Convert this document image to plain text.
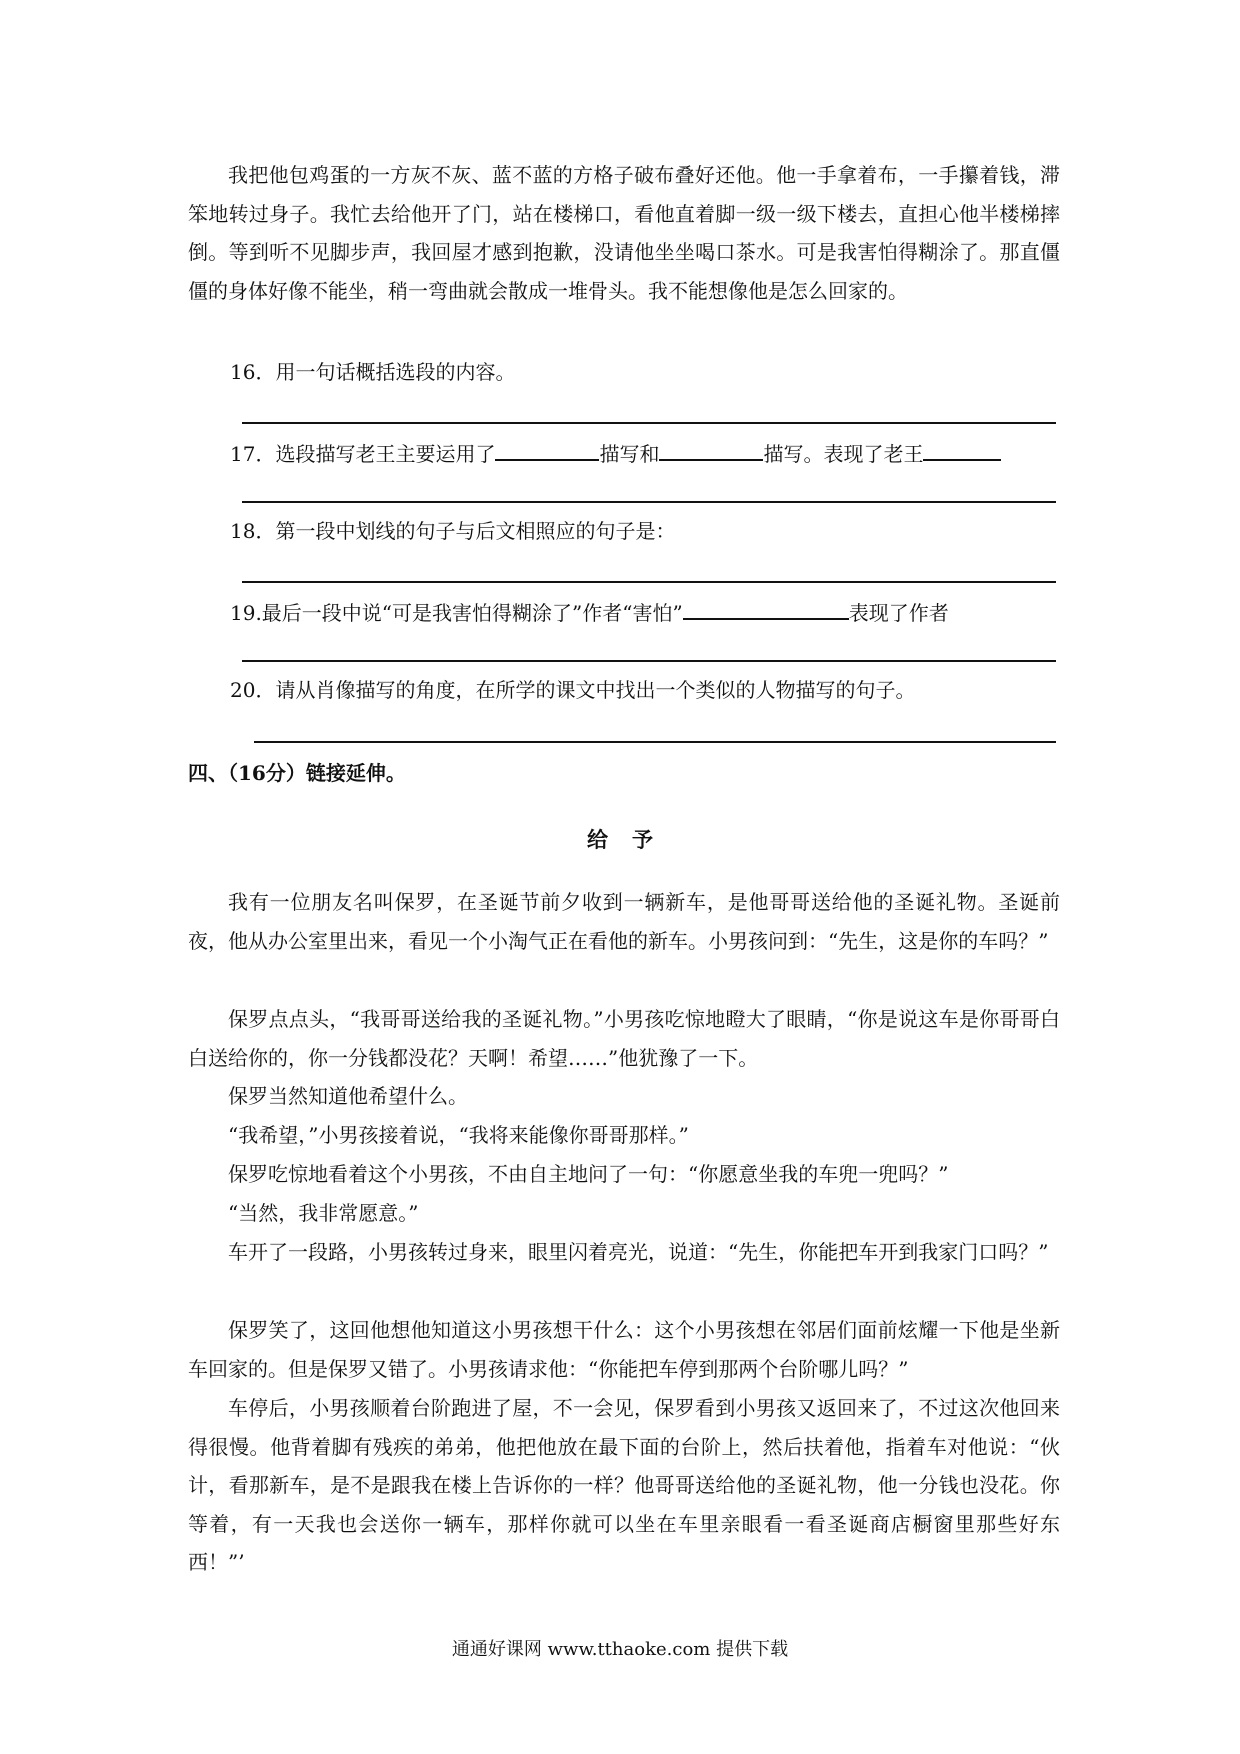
我把他包鸡蛋的一方灰不灰、蓝不蓝的方格子破布叠好还他。他一手拿着布，一手攥着钱，滞笨地转过身子。我忙去给他开了门，站在楼梯口，看他直着脚一级一级下楼去，直担心他半楼梯摔倒。等到听不见脚步声，我回屋才感到抱歉，没请他坐坐喝口茶水。可是我害怕得糊涂了。那直僵僵的身体好像不能坐，稍一弯曲就会散成一堆骨头。我不能想像他是怎么回家的。

16．用一句话概括选段的内容。

17．选段描写老王主要运用了	描写和	描写。表现了老王

18．第一段中划线的句子与后文相照应的句子是：

19.最后一段中说“可是我害怕得糊涂了”作者“害怕”	表现了作者

20．请从肖像描写的角度，在所学的课文中找出一个类似的人物描写的句子。

四、（16分）链接延伸。
给予

我有一位朋友名叫保罗，在圣诞节前夕收到一辆新车，是他哥哥送给他的圣诞礼物。圣诞前夜，他从办公室里出来，看见一个小淘气正在看他的新车。小男孩问到：“先生，这是你的车吗？”

保罗点点头，“我哥哥送给我的圣诞礼物。”小男孩吃惊地瞪大了眼睛，“你是说这车是你哥哥白白送给你的，你一分钱都没花？天啊！希望……”他犹豫了一下。

保罗当然知道他希望什么。

“我希望，”小男孩接着说，“我将来能像你哥哥那样。”

保罗吃惊地看着这个小男孩，不由自主地问了一句：“你愿意坐我的车兜一兜吗？”

“当然，我非常愿意。”

车开了一段路，小男孩转过身来，眼里闪着亮光，说道：“先生，你能把车开到我家门口吗？”

保罗笑了，这回他想他知道这小男孩想干什么：这个小男孩想在邻居们面前炫耀一下他是坐新车回家的。但是保罗又错了。小男孩请求他：“你能把车停到那两个台阶哪儿吗？”

车停后，小男孩顺着台阶跑进了屋，不一会见，保罗看到小男孩又返回来了，不过这次他回来得很慢。他背着脚有残疾的弟弟，他把他放在最下面的台阶上，然后扶着他，指着车对他说：“伙计，看那新车，是不是跟我在楼上告诉你的一样？他哥哥送给他的圣诞礼物，他一分钱也没花。你等着，有一天我也会送你一辆车，那样你就可以坐在车里亲眼看一看圣诞商店橱窗里那些好东西！”’

通通好课网 www.tthaoke.com 提供下载
